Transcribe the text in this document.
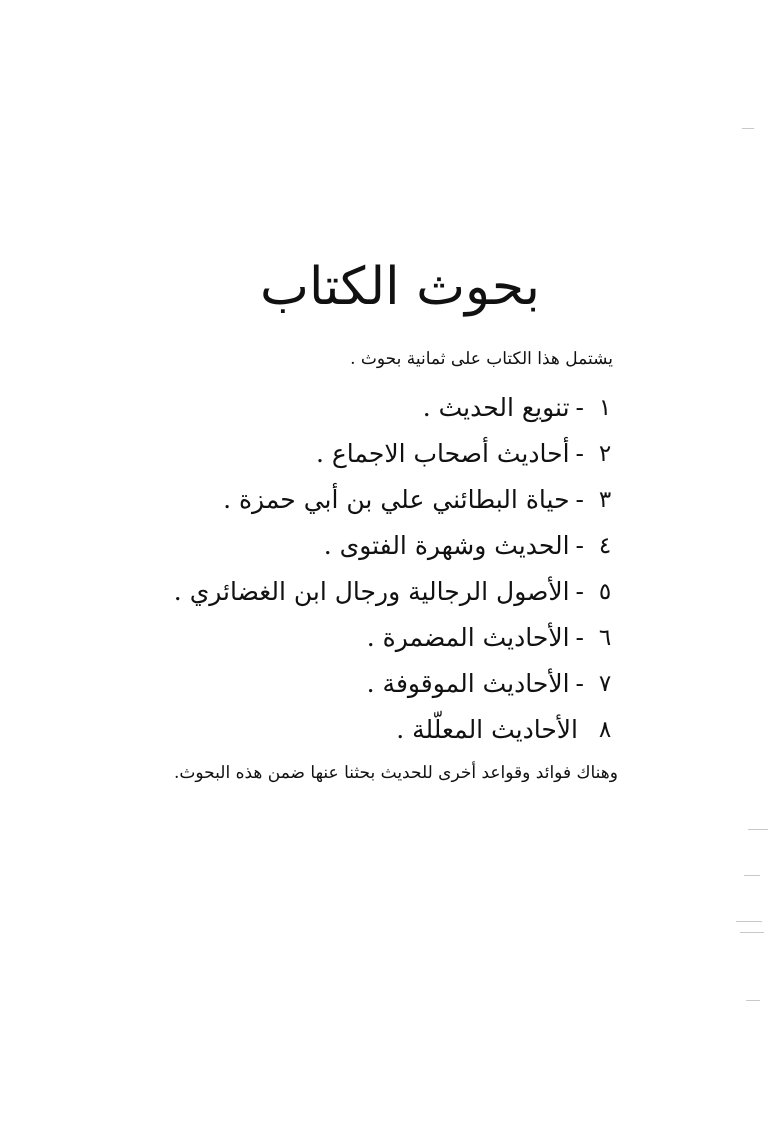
بحوث الكتاب
يشتمل هذا الكتاب على ثمانية بحوث .
١
-
تنويع الحديث .
٢
-
أحاديث أصحاب الاجماع .
٣
-
حياة البطائني علي بن أبي حمزة .
٤
-
الحديث وشهرة الفتوى .
٥
-
الأصول الرجالية ورجال ابن الغضائري .
٦
-
الأحاديث المضمرة .
٧
-
الأحاديث الموقوفة .
٨
الأحاديث المعلّلة .
وهناك فوائد وقواعد أخرى للحديث بحثنا عنها ضمن هذه البحوث.
